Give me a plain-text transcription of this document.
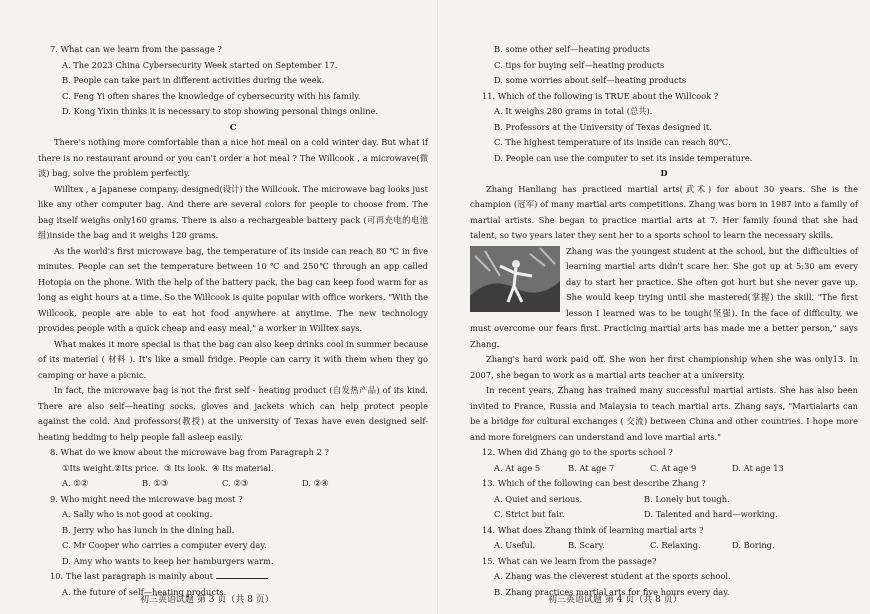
7. What can we learn from the passage ?

A. The 2023 China Cybersecurity Week started on September 17.

B. People can take part in different activities during the week.

C. Feng Yi often shares the knowledge of cybersecurity with his family.

D. Kong Yixin thinks it is necessary to stop showing personal things online.

C

There's nothing more comfortable than a nice hot meal on a cold winter day. But what if there is no restaurant around or you can't order a hot meal ? The Willcook , a microwave(微波) bag, solve the problem perfectly.

Willtex , a Japanese company, designed(设计) the Willcook. The microwave bag looks just like any other computer bag. And there are several colors for people to choose from. The bag itself weighs only160 grams. There is also a rechargeable battery pack (可再充电的电池组)inside the bag and it weighs 120 grams.

As the world's first microwave bag, the temperature of its inside can reach 80 ℃ in five minutes. People can set the temperature between 10 ℃ and 250℃ through an app called Hotopia on the phone. With the help of the battery pack, the bag can keep food warm for as long as eight hours at a time. So the Willcook is quite popular with office workers. "With the Willcook, people are able to eat hot food anywhere at anytime. The new technology provides people with a quick cheap and easy meal," a worker in Willtex says.

What makes it more special is that the bag can also keep drinks cool in summer because of its material ( 材料 ). It's like a small fridge. People can carry it with them when they go camping or have a picnic.

In fact, the microwave bag is not the first self - heating product (自发热产品) of its kind. There are also self—heating socks, gloves and jackets which can help protect people against the cold. And professors(教授) at the university of Texas have even designed self-heating bedding to help people fall asleep easily.

8. What do we know about the microwave bag from Paragraph 2 ?

①Its weight. ②Its price. ③ Its look. ④ Its material.
A. ①②	B. ①③	C. ②③	D. ②④

9. Who might need the microwave bag most ?

A. Sally who is not good at cooking.

B. Jerry who has lunch in the dining hall.

C. Mr Cooper who carries a computer every day.

D. Amy who wants to keep her hamburgers warm.

10. The last paragraph is mainly about

A. the future of self—heating products

初三英语试题 第 3 页（共 8 页）

B. some other self—heating products

C. tips for buying self—heating products

D. some worries about self—heating products

11. Which of the following is TRUE about the Willcook ?

A. It weighs 280 grams in total (总共).

B. Professors at the University of Texas designed it.

C. The highest temperature of its inside can reach 80℃.

D. People can use the computer to set its inside temperature.

D

Zhang Hanliang has practiced martial arts(武术) for about 30 years. She is the champion (冠军) of many martial arts competitions. Zhang was born in 1987 into a family of martial artists. She began to practice martial arts at 7. Her family found that she had talent, so two years later they sent her to a sports school to learn the necessary skills.

Zhang was the youngest student at the school, but the difficulties of learning martial arts didn't scare her. She got up at 5:30 am every day to start her practice. She often got hurt but she never gave up. She would keep trying until she mastered(掌握) the skill. "The first lesson I learned was to be tough(坚强). In the face of difficulty, we must overcome our fears first. Practicing martial arts has made me a better person," says Zhang.

Zhang's hard work paid off. She won her first championship when she was only13. In 2007, she began to work as a martial arts teacher at a university.

In recent years, Zhang has trained many successful martial artists. She has also been invited to France, Russia and Malaysia to teach martial arts. Zhang says, "Martialarts can be a bridge for cultural exchanges ( 交流) between China and other countries. I hope more and more foreigners can understand and love martial arts."

12. When did Zhang go to the sports school ?

A. At age 5	B. At age 7	C. At age 9	D. At age 13

13. Which of the following can best describe Zhang ?

A. Quiet and serious.	B. Lonely but tough.
C. Strict but fair.	D. Talented and hard—working.

14. What does Zhang think of learning martial arts ?

A. Useful.	B. Scary.	C. Relaxing.	D. Boring.

15. What can we learn from the passage?

A. Zhang was the cleverest student at the sports school.

B. Zhang practices martial arts for five hours every day.

初三英语试题 第 4 页（共 8 页）
